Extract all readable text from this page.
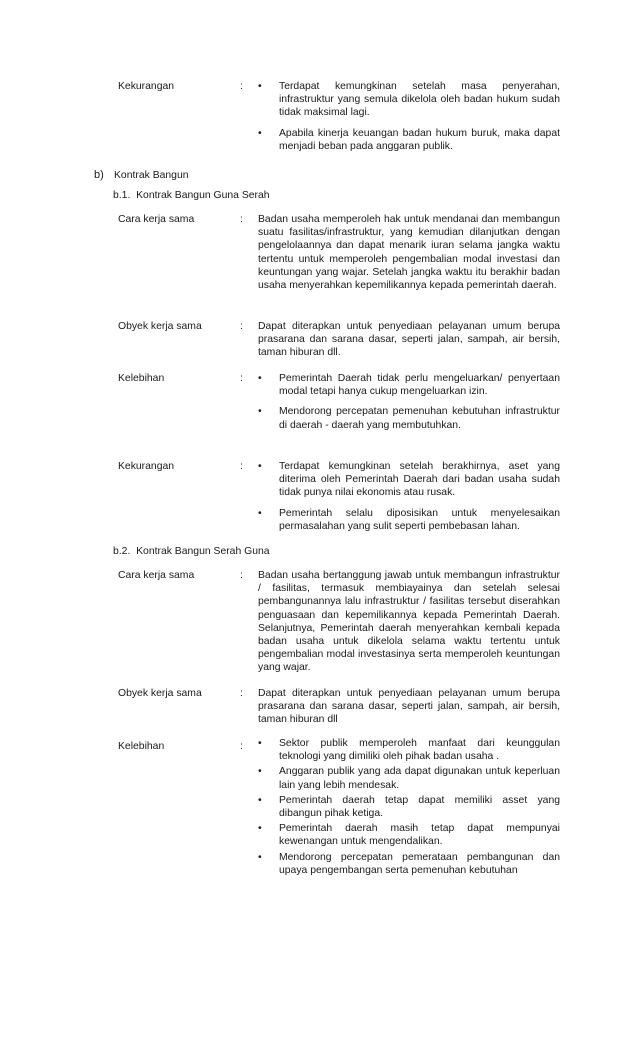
Kekurangan	: • Terdapat kemungkinan setelah masa penyerahan, infrastruktur yang semula dikelola oleh badan hukum sudah tidak maksimal lagi.
• Apabila kinerja keuangan badan hukum buruk, maka dapat menjadi beban pada anggaran publik.
b) Kontrak Bangun
b.1.  Kontrak Bangun Guna Serah
Cara kerja sama	: Badan usaha memperoleh hak untuk mendanai dan membangun suatu fasilitas/infrastruktur, yang kemudian dilanjutkan dengan pengelolaannya dan dapat menarik iuran selama jangka waktu tertentu untuk memperoleh pengembalian modal investasi dan keuntungan yang wajar. Setelah jangka waktu itu berakhir badan usaha menyerahkan kepemilikannya kepada pemerintah daerah.

Obyek kerja sama	: Dapat diterapkan untuk penyediaan pelayanan umum berupa prasarana dan sarana dasar, seperti jalan, sampah, air bersih, taman hiburan dll.

Kelebihan	: • Pemerintah Daerah tidak perlu mengeluarkan/ penyertaan modal tetapi hanya cukup mengeluarkan izin.
• Mendorong percepatan pemenuhan kebutuhan infrastruktur di daerah - daerah yang membutuhkan.
Kekurangan	: • Terdapat kemungkinan setelah berakhirnya, aset yang diterima oleh Pemerintah Daerah dari badan usaha sudah tidak punya nilai ekonomis atau rusak.
• Pemerintah selalu diposisikan untuk menyelesaikan permasalahan yang sulit seperti pembebasan lahan.
b.2.  Kontrak Bangun Serah Guna
Cara kerja sama	: Badan usaha bertanggung jawab untuk membangun infrastruktur / fasilitas, termasuk membiayainya dan setelah selesai pembangunannya lalu infrastruktur / fasilitas tersebut diserahkan penguasaan dan kepemilikannya kepada Pemerintah Daerah. Selanjutnya, Pemerintah daerah menyerahkan kembali kepada badan usaha untuk dikelola selama waktu tertentu untuk pengembalian modal investasinya serta memperoleh keuntungan yang wajar.

Obyek kerja sama	: Dapat diterapkan untuk penyediaan pelayanan umum berupa prasarana dan sarana dasar, seperti jalan, sampah, air bersih, taman hiburan dll

Kelebihan	: • Sektor publik memperoleh manfaat dari keunggulan teknologi yang dimiliki oleh pihak badan usaha .
• Anggaran publik yang ada dapat digunakan untuk keperluan lain yang lebih mendesak.
• Pemerintah daerah tetap dapat memiliki asset yang dibangun pihak ketiga.
• Pemerintah daerah masih tetap dapat mempunyai kewenangan untuk mengendalikan.
• Mendorong percepatan pemerataan pembangunan dan upaya pengembangan serta pemenuhan kebutuhan
